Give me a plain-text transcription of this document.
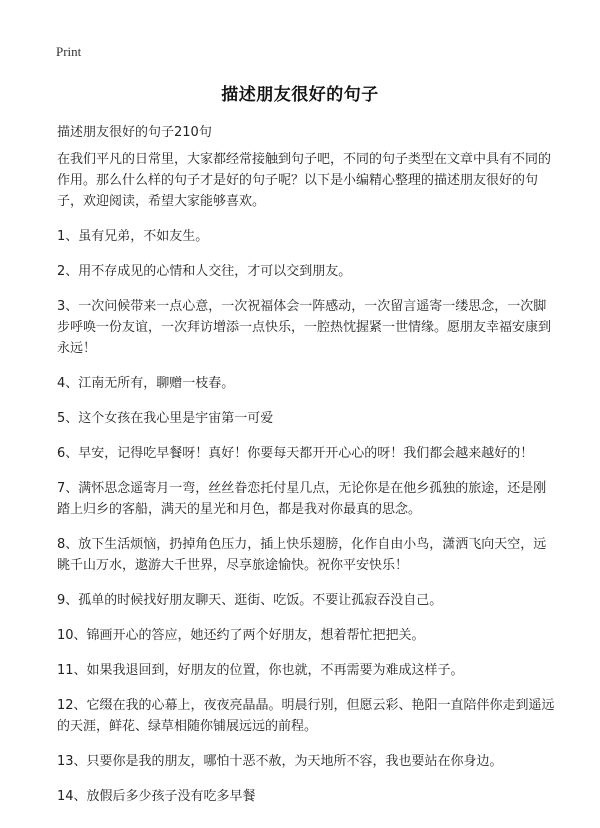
Print
描述朋友很好的句子
描述朋友很好的句子210句

在我们平凡的日常里，大家都经常接触到句子吧，不同的句子类型在文章中具有不同的作用。那么什么样的句子才是好的句子呢？以下是小编精心整理的描述朋友很好的句子，欢迎阅读，希望大家能够喜欢。

1、虽有兄弟，不如友生。

2、用不存成见的心情和人交往，才可以交到朋友。

3、一次问候带来一点心意，一次祝福体会一阵感动，一次留言遥寄一缕思念，一次脚步呼唤一份友谊，一次拜访增添一点快乐，一腔热忱握紧一世情缘。愿朋友幸福安康到永远！

4、江南无所有，聊赠一枝春。

5、这个女孩在我心里是宇宙第一可爱

6、早安，记得吃早餐呀！真好！你要每天都开开心心的呀！我们都会越来越好的！

7、满怀思念遥寄月一弯，丝丝眷恋托付星几点，无论你是在他乡孤独的旅途，还是刚踏上归乡的客船，满天的星光和月色，都是我对你最真的思念。

8、放下生活烦恼，扔掉角色压力，插上快乐翅膀，化作自由小鸟，潇洒飞向天空，远眺千山万水，遨游大千世界，尽享旅途愉快。祝你平安快乐！

9、孤单的时候找好朋友聊天、逛街、吃饭。不要让孤寂吞没自己。

10、锦画开心的答应，她还约了两个好朋友，想着帮忙把把关。

11、如果我退回到，好朋友的位置，你也就，不再需要为难成这样子。

12、它缀在我的心幕上，夜夜亮晶晶。明晨行别，但愿云彩、艳阳一直陪伴你走到遥远的天涯，鲜花、绿草相随你铺展远远的前程。

13、只要你是我的朋友，哪怕十恶不赦，为天地所不容，我也要站在你身边。

14、放假后多少孩子没有吃多早餐
